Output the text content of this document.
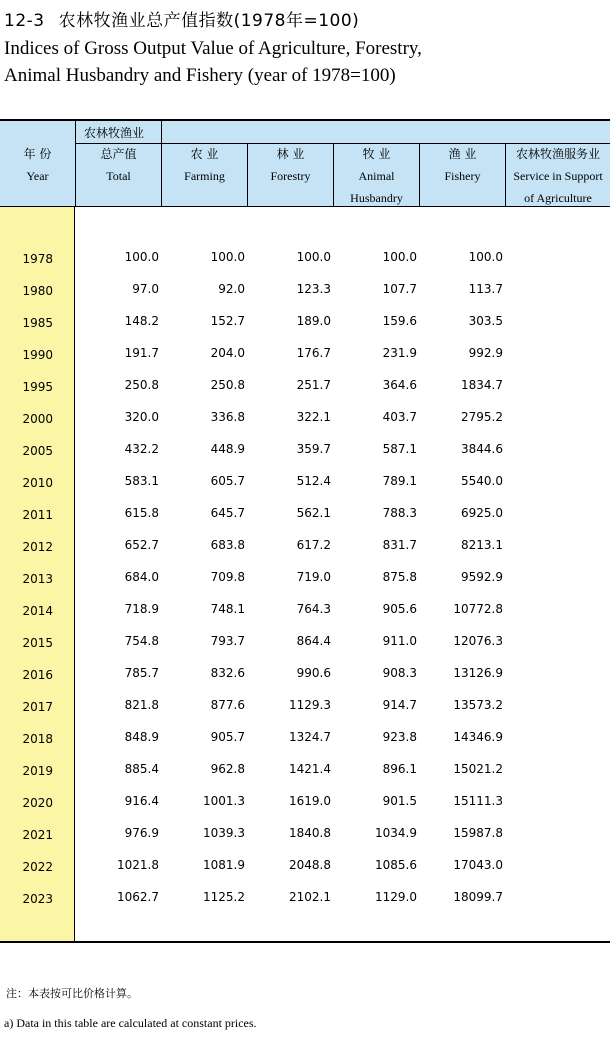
12-3 农林牧渔业总产值指数(1978年=100)
Indices of Gross Output Value of Agriculture, Forestry,
Animal Husbandry and Fishery (year of 1978=100)
年 份
Year
农林牧渔业
总产值
Total
农 业
Farming
林 业
Forestry
牧 业
Animal
Husbandry
渔 业
Fishery
农林牧渔服务业
Service in Support
of Agriculture
1978	100.0	100.0	100.0	100.0	100.0
1980	97.0	92.0	123.3	107.7	113.7
1985	148.2	152.7	189.0	159.6	303.5
1990	191.7	204.0	176.7	231.9	992.9
1995	250.8	250.8	251.7	364.6	1834.7
2000	320.0	336.8	322.1	403.7	2795.2
2005	432.2	448.9	359.7	587.1	3844.6
2010	583.1	605.7	512.4	789.1	5540.0
2011	615.8	645.7	562.1	788.3	6925.0
2012	652.7	683.8	617.2	831.7	8213.1
2013	684.0	709.8	719.0	875.8	9592.9
2014	718.9	748.1	764.3	905.6	10772.8
2015	754.8	793.7	864.4	911.0	12076.3
2016	785.7	832.6	990.6	908.3	13126.9
2017	821.8	877.6	1129.3	914.7	13573.2
2018	848.9	905.7	1324.7	923.8	14346.9
2019	885.4	962.8	1421.4	896.1	15021.2
2020	916.4	1001.3	1619.0	901.5	15111.3
2021	976.9	1039.3	1840.8	1034.9	15987.8
2022	1021.8	1081.9	2048.8	1085.6	17043.0
2023	1062.7	1125.2	2102.1	1129.0	18099.7
注：本表按可比价格计算。
a) Data in this table are calculated at constant prices.
